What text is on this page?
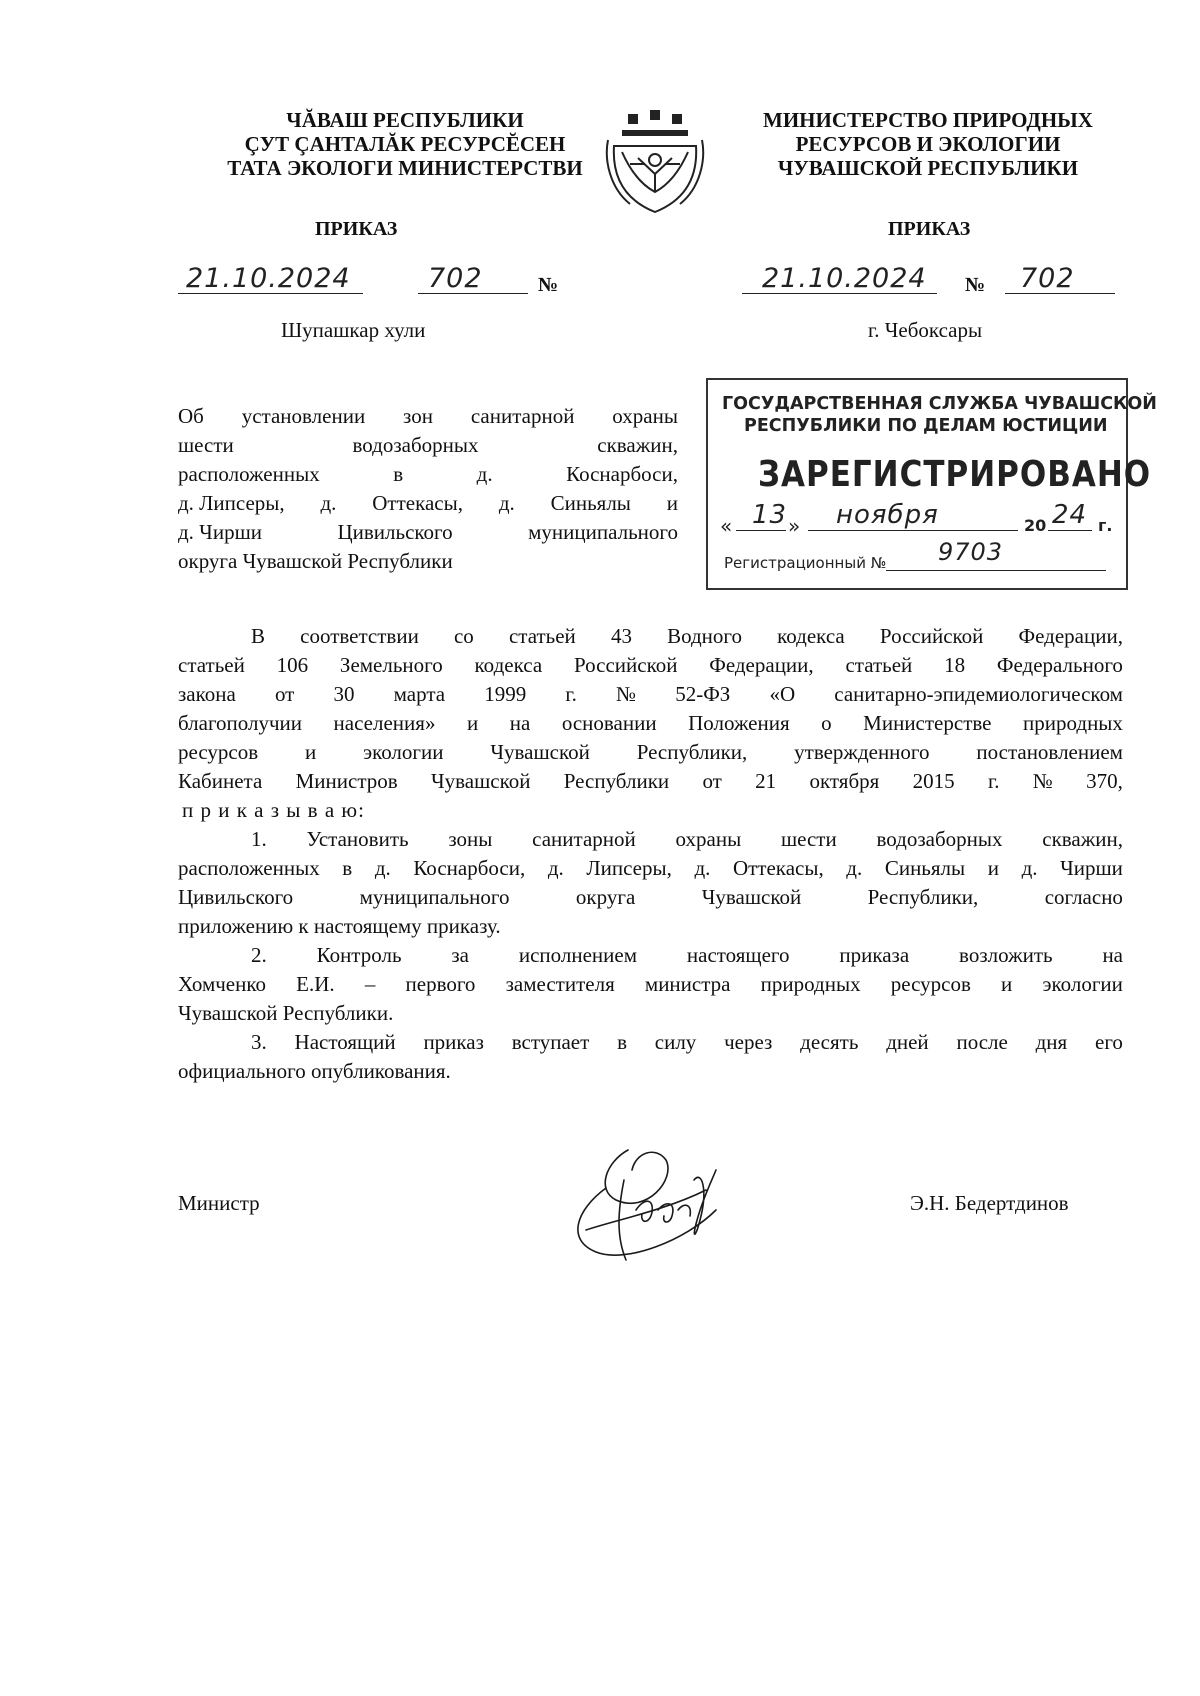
ЧĂВАШ РЕСПУБЛИКИ
ÇУТ ÇАНТАЛĂК РЕСУРСĔСЕН
ТАТА ЭКОЛОГИ МИНИСТЕРСТВИ
МИНИСТЕРСТВО ПРИРОДНЫХ
РЕСУРСОВ И ЭКОЛОГИИ
ЧУВАШСКОЙ РЕСПУБЛИКИ
ПРИКАЗ	ПРИКАЗ
21.10.2024	702	№	21.10.2024 № 702
Шупашкар хули	г. Чебоксары
Об установлении зон санитарной охраны
шести	водозаборных	скважин,
расположенных	в	д.	Коснарбоси,
д. Липсеры, д. Оттекасы, д. Синьялы и
д. Чирши	Цивильского	муниципального
округа Чувашской Республики
ГОСУДАРСТВЕННАЯ СЛУЖБА ЧУВАШСКОЙ
РЕСПУБЛИКИ ПО ДЕЛАМ ЮСТИЦИИ
ЗАРЕГИСТРИРОВАНО
« 13 » ноября	20 24 г.
Регистрационный № 9703
В соответствии со статьей 43 Водного кодекса Российской Федерации,
статьей 106 Земельного кодекса Российской Федерации, статьей 18 Федерального
закона от 30 марта 1999 г. № 52-ФЗ «О санитарно-эпидемиологическом
благополучии населения» и на основании Положения о Министерстве природных
ресурсов и экологии Чувашской Республики, утвержденного постановлением
Кабинета Министров Чувашской Республики от 21 октября 2015 г. № 370,
п р и к а з ы в а ю:
1. Установить зоны санитарной охраны шести водозаборных скважин,
расположенных в д. Коснарбоси, д. Липсеры, д. Оттекасы, д. Синьялы и д. Чирши
Цивильского	муниципального	округа	Чувашской	Республики,	согласно
приложению к настоящему приказу.
2. Контроль за исполнением настоящего приказа возложить на
Хомченко Е.И. – первого заместителя министра природных ресурсов и экологии
Чувашской Республики.
3. Настоящий приказ вступает в силу через десять дней после дня его
официального опубликования.
Министр	Э.Н. Бедертдинов
